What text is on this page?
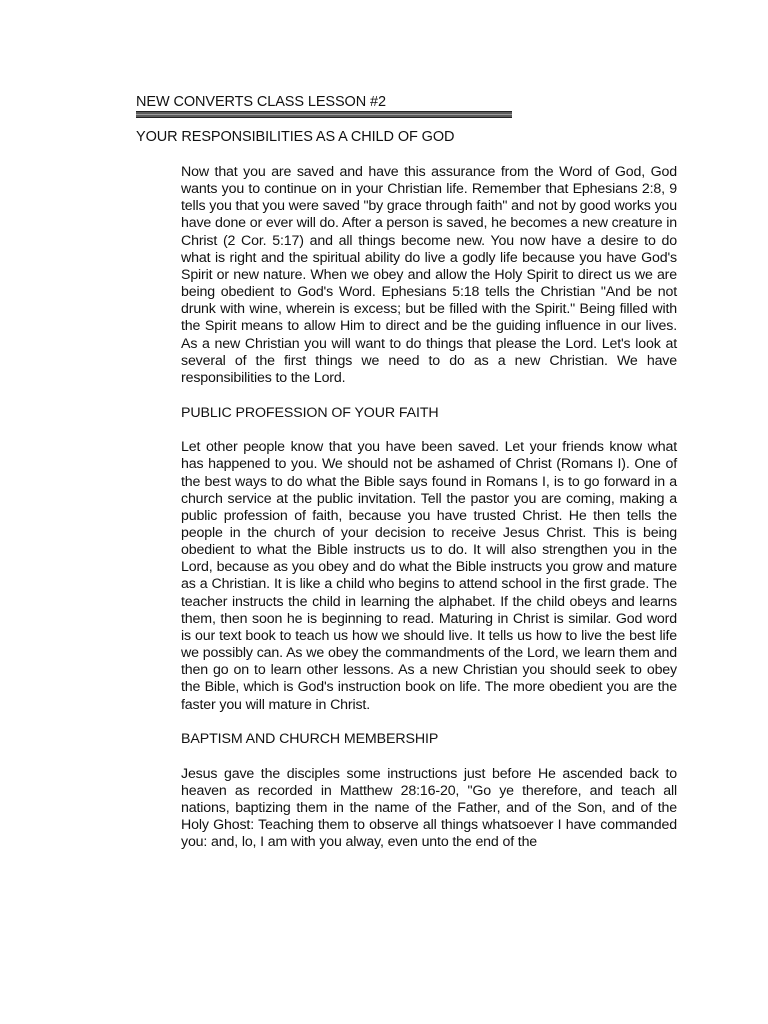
NEW CONVERTS CLASS LESSON #2
YOUR RESPONSIBILITIES AS A CHILD OF GOD

Now that you are saved and have this assurance from the Word of God, God wants you to continue on in your Christian life. Remember that Ephesians 2:8, 9 tells you that you were saved "by grace through faith" and not by good works you have done or ever will do. After a person is saved, he becomes a new creature in Christ (2 Cor. 5:17) and all things become new. You now have a desire to do what is right and the spiritual ability do live a godly life because you have God's Spirit or new nature. When we obey and allow the Holy Spirit to direct us we are being obedient to God's Word. Ephesians 5:18 tells the Christian "And be not drunk with wine, wherein is excess; but be filled with the Spirit." Being filled with the Spirit means to allow Him to direct and be the guiding influence in our lives. As a new Christian you will want to do things that please the Lord. Let's look at several of the first things we need to do as a new Christian. We have responsibilities to the Lord.

PUBLIC PROFESSION OF YOUR FAITH

Let other people know that you have been saved. Let your friends know what has happened to you. We should not be ashamed of Christ (Romans I). One of the best ways to do what the Bible says found in Romans I, is to go forward in a church service at the public invitation. Tell the pastor you are coming, making a public profession of faith, because you have trusted Christ. He then tells the people in the church of your decision to receive Jesus Christ. This is being obedient to what the Bible instructs us to do. It will also strengthen you in the Lord, because as you obey and do what the Bible instructs you grow and mature as a Christian. It is like a child who begins to attend school in the first grade. The teacher instructs the child in learning the alphabet. If the child obeys and learns them, then soon he is beginning to read. Maturing in Christ is similar. God word is our text book to teach us how we should live. It tells us how to live the best life we possibly can. As we obey the commandments of the Lord, we learn them and then go on to learn other lessons. As a new Christian you should seek to obey the Bible, which is God's instruction book on life. The more obedient you are the faster you will mature in Christ.

BAPTISM AND CHURCH MEMBERSHIP

Jesus gave the disciples some instructions just before He ascended back to heaven as recorded in Matthew 28:16-20, "Go ye therefore, and teach all nations, baptizing them in the name of the Father, and of the Son, and of the Holy Ghost: Teaching them to observe all things whatsoever I have commanded you: and, lo, I am with you alway, even unto the end of the
